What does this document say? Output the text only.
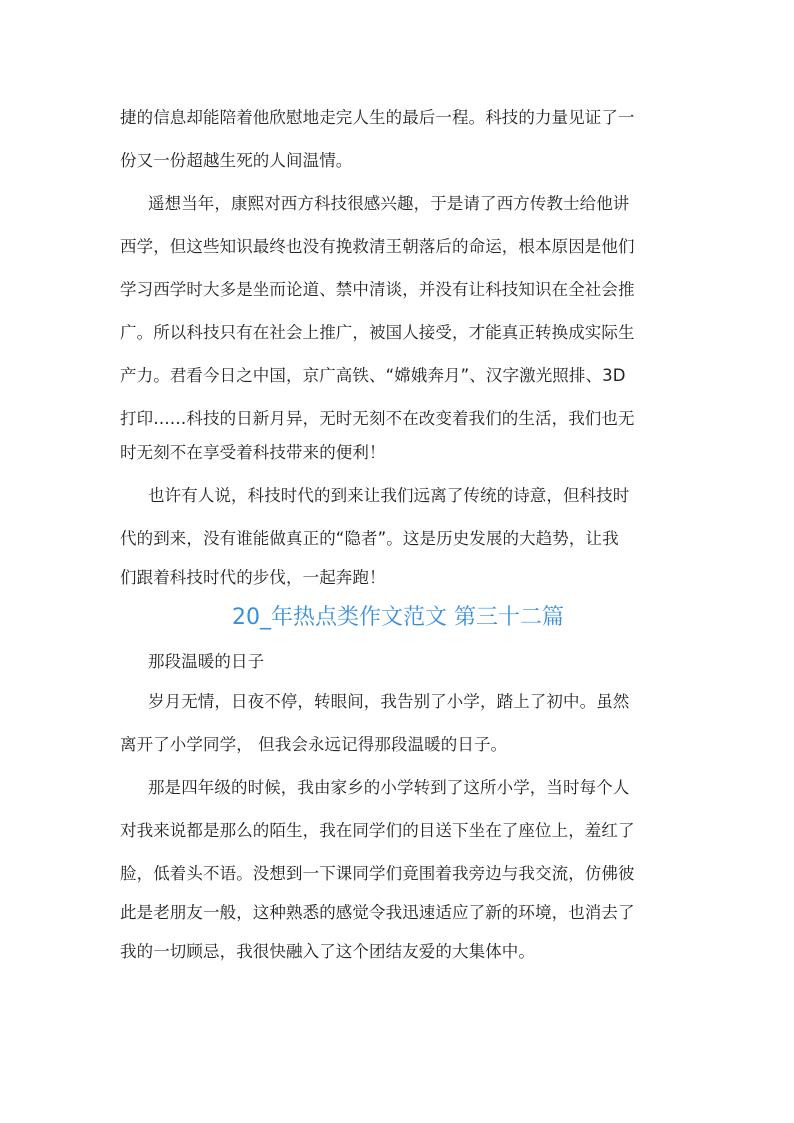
捷的信息却能陪着他欣慰地走完人生的最后一程。科技的力量见证了一
份又一份超越生死的人间温情。
遥想当年，康熙对西方科技很感兴趣，于是请了西方传教士给他讲
西学，但这些知识最终也没有挽救清王朝落后的命运，根本原因是他们
学习西学时大多是坐而论道、禁中清谈，并没有让科技知识在全社会推
广。所以科技只有在社会上推广，被国人接受，才能真正转换成实际生
产力。君看今日之中国，京广高铁、“嫦娥奔月”、汉字激光照排、3D
打印……科技的日新月异，无时无刻不在改变着我们的生活，我们也无
时无刻不在享受着科技带来的便利！
也许有人说，科技时代的到来让我们远离了传统的诗意，但科技时
代的到来，没有谁能做真正的“隐者”。这是历史发展的大趋势，让我
们跟着科技时代的步伐，一起奔跑！
20_年热点类作文范文 第三十二篇
那段温暖的日子
岁月无情，日夜不停，转眼间，我告别了小学，踏上了初中。虽然
离开了小学同学， 但我会永远记得那段温暖的日子。
那是四年级的时候，我由家乡的小学转到了这所小学，当时每个人
对我来说都是那么的陌生，我在同学们的目送下坐在了座位上，羞红了
脸，低着头不语。没想到一下课同学们竟围着我旁边与我交流，仿佛彼
此是老朋友一般，这种熟悉的感觉令我迅速适应了新的环境，也消去了
我的一切顾忌，我很快融入了这个团结友爱的大集体中。
